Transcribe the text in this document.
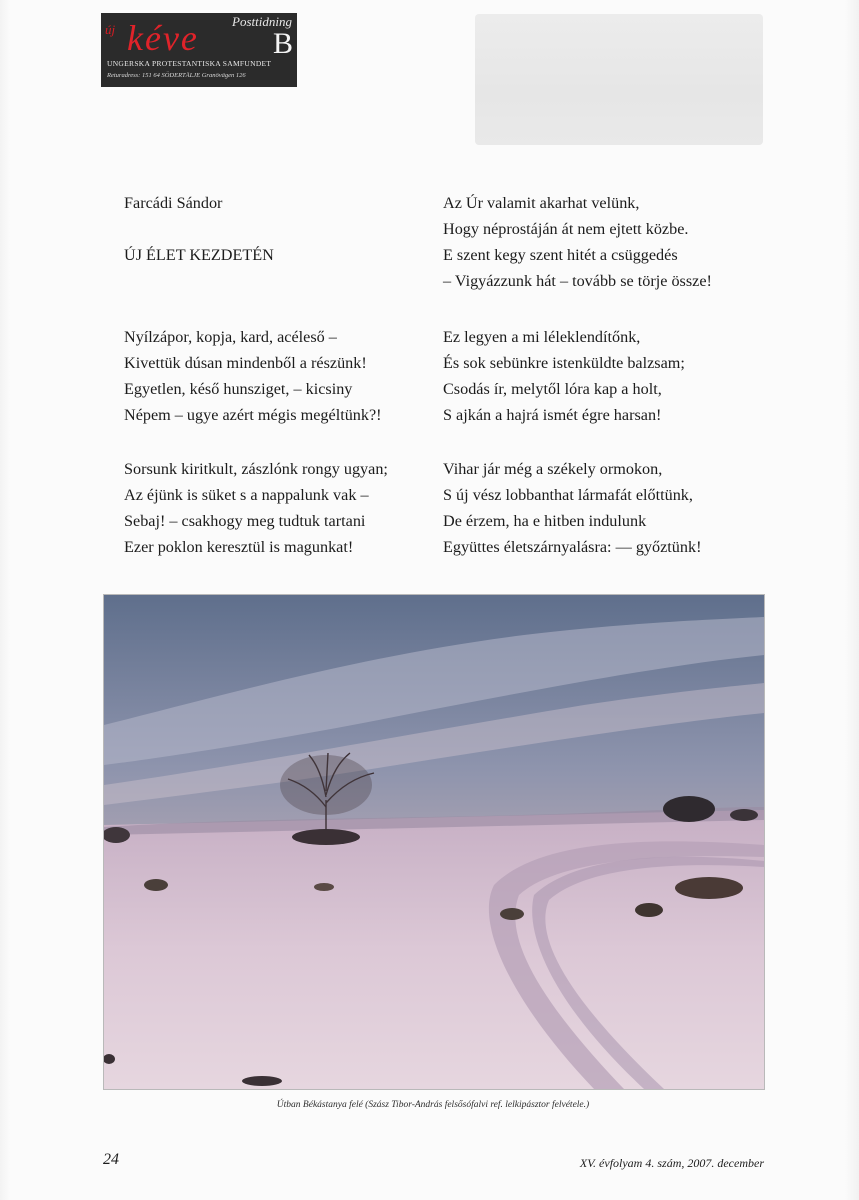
új kéve	Posttidning
B
UNGERSKA PROTESTANTISKA SAMFUNDET
Returadress: 151 64 SÖDERTÄLJE Granövägen 126

Farcádi Sándor

ÚJ ÉLET KEZDETÉN

Nyílzápor, kopja, kard, acéleső –

Kivettük dúsan mindenből a részünk!

Egyetlen, késő hunsziget, – kicsiny

Népem – ugye azért mégis megéltünk?!

Sorsunk kiritkult, zászlónk rongy ugyan;

Az éjünk is süket s a nappalunk vak –

Sebaj! – csakhogy meg tudtuk tartani

Ezer poklon keresztül is magunkat!

Az Úr valamit akarhat velünk,

Hogy néprostáján át nem ejtett közbe.

E szent kegy szent hitét a csüggedés

– Vigyázzunk hát – tovább se törje össze!

Ez legyen a mi léleklendítőnk,

És sok sebünkre istenküldte balzsam;

Csodás ír, melytől lóra kap a holt,

S ajkán a hajrá ismét égre harsan!

Vihar jár még a székely ormokon,

S új vész lobbanthat lármafát előttünk,

De érzem, ha e hitben indulunk

Együttes életszárnyalásra: — győztünk!

Útban Békástanya felé (Szász Tibor-András felsősófalvi ref. lelkipásztor felvétele.)
24	XV. évfolyam 4. szám, 2007. december
